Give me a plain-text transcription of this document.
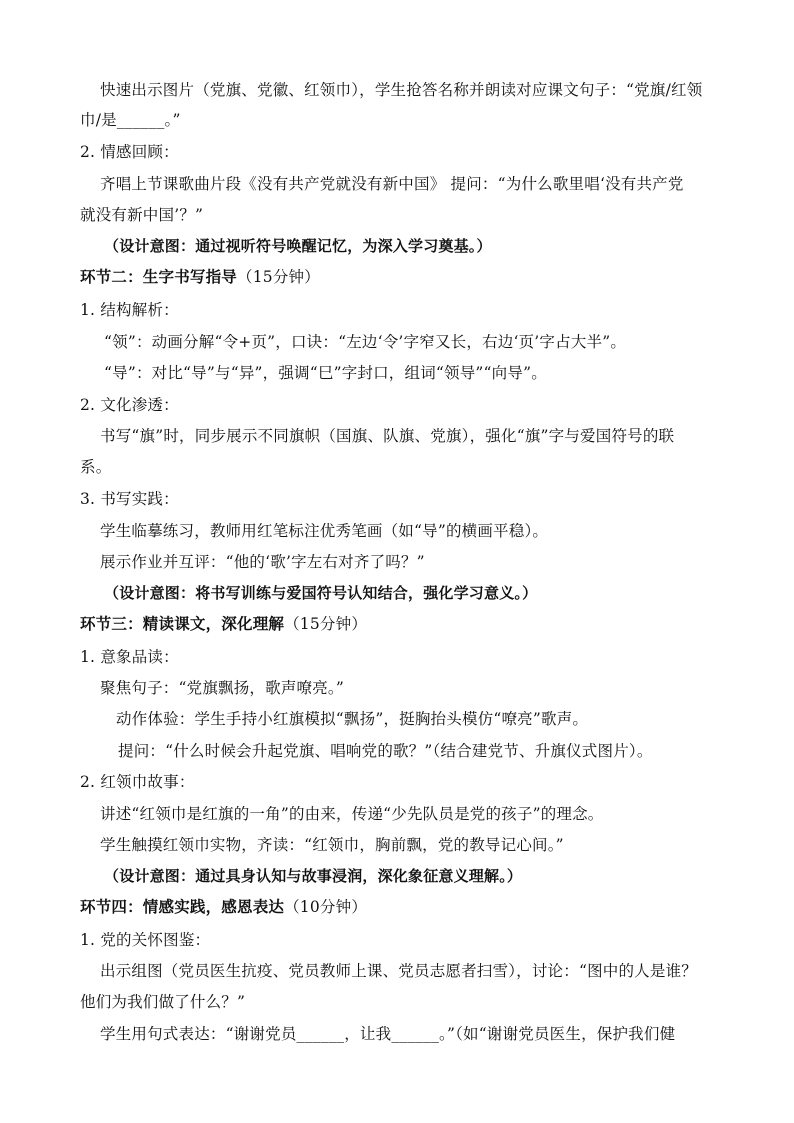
快速出示图片（党旗、党徽、红领巾），学生抢答名称并朗读对应课文句子：“党旗/红领
巾/是______。”
2. 情感回顾：
齐唱上节课歌曲片段《没有共产党就没有新中国》 提问：“为什么歌里唱‘没有共产党
就没有新中国’？”
（设计意图：通过视听符号唤醒记忆，为深入学习奠基。）
环节二：生字书写指导（15分钟）
1. 结构解析：
“领”：动画分解“令+页”，口诀：“左边‘令’字窄又长，右边‘页’字占大半”。
“导”：对比“导”与“异”，强调“巳”字封口，组词“领导”“向导”。
2. 文化渗透：
书写“旗”时，同步展示不同旗帜（国旗、队旗、党旗），强化“旗”字与爱国符号的联
系。
3. 书写实践：
学生临摹练习，教师用红笔标注优秀笔画（如“导”的横画平稳）。
展示作业并互评：“他的‘歌’字左右对齐了吗？”
（设计意图：将书写训练与爱国符号认知结合，强化学习意义。）
环节三：精读课文，深化理解（15分钟）
1. 意象品读：
聚焦句子：“党旗飘扬，歌声嘹亮。”
动作体验：学生手持小红旗模拟“飘扬”，挺胸抬头模仿“嘹亮”歌声。
提问：“什么时候会升起党旗、唱响党的歌？”（结合建党节、升旗仪式图片）。
2. 红领巾故事：
讲述“红领巾是红旗的一角”的由来，传递“少先队员是党的孩子”的理念。
学生触摸红领巾实物，齐读：“红领巾，胸前飘，党的教导记心间。”
（设计意图：通过具身认知与故事浸润，深化象征意义理解。）
环节四：情感实践，感恩表达（10分钟）
1. 党的关怀图鉴：
出示组图（党员医生抗疫、党员教师上课、党员志愿者扫雪），讨论：“图中的人是谁？
他们为我们做了什么？”
学生用句式表达：“谢谢党员______，让我______。”（如“谢谢党员医生，保护我们健
